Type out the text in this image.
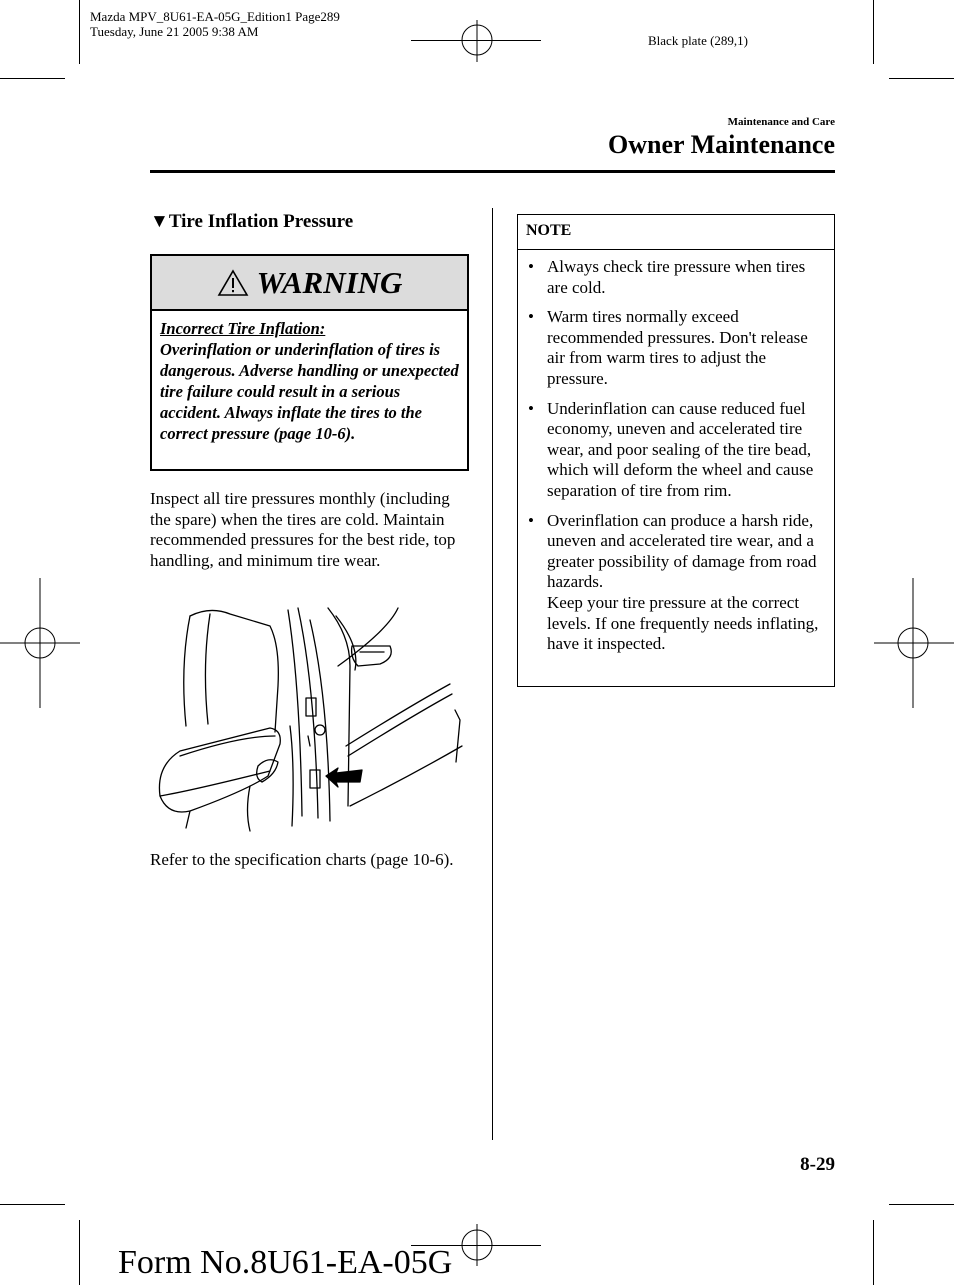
Mazda MPV_8U61-EA-05G_Edition1 Page289
Tuesday, June 21 2005 9:38 AM
Black plate (289,1)
Maintenance and Care
Owner Maintenance
▼Tire Inflation Pressure
WARNING
Incorrect Tire Inflation:
Overinflation or underinflation of tires is dangerous. Adverse handling or unexpected tire failure could result in a serious accident. Always inflate the tires to the correct pressure (page 10-6).
Inspect all tire pressures monthly (including the spare) when the tires are cold. Maintain recommended pressures for the best ride, top handling, and minimum tire wear.
Refer to the specification charts (page 10-6).
NOTE
• Always check tire pressure when tires are cold.
• Warm tires normally exceed recommended pressures. Don't release air from warm tires to adjust the pressure.
• Underinflation can cause reduced fuel economy, uneven and accelerated tire wear, and poor sealing of the tire bead, which will deform the wheel and cause separation of tire from rim.
• Overinflation can produce a harsh ride, uneven and accelerated tire wear, and a greater possibility of damage from road hazards.
Keep your tire pressure at the correct levels. If one frequently needs inflating, have it inspected.
8-29
Form No.8U61-EA-05G
